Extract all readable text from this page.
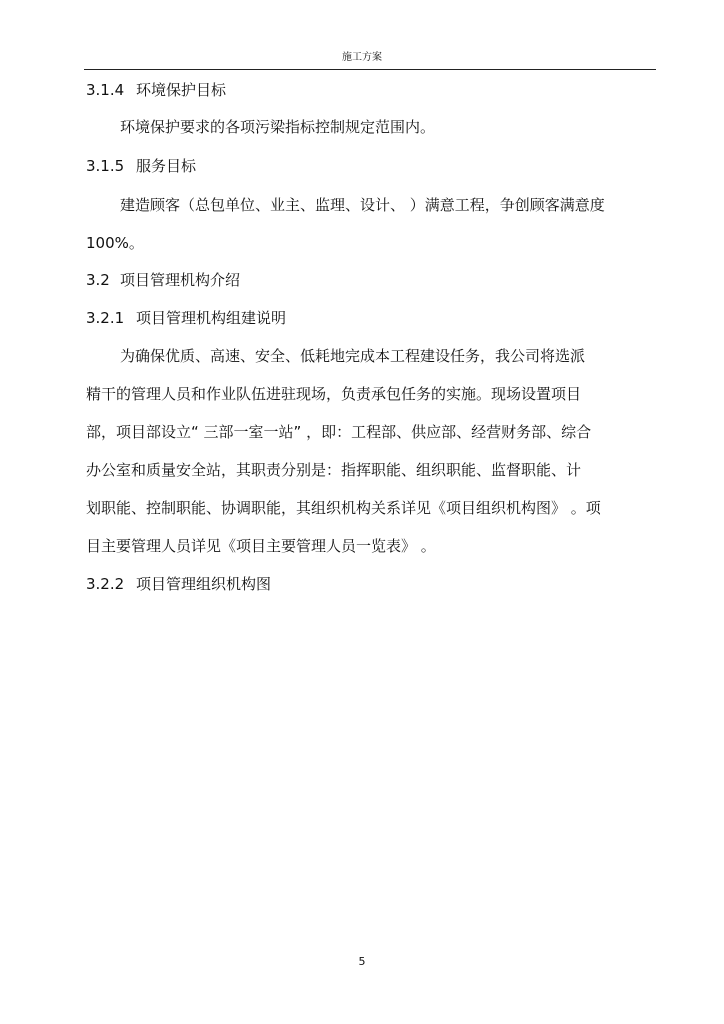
施工方案
3.1.4 环境保护目标
环境保护要求的各项污梁指标控制规定范围内。
3.1.5 服务目标
建造顾客（总包单位、业主、监理、设计、 ）满意工程，争创顾客满意度
100%。
3.2 项目管理机构介绍
3.2.1 项目管理机构组建说明
为确保优质、高速、安全、低耗地完成本工程建设任务，我公司将选派
精干的管理人员和作业队伍进驻现场，负责承包任务的实施。现场设置项目
部，项目部设立“ 三部一室一站” ，即：工程部、供应部、经营财务部、综合
办公室和质量安全站，其职责分别是：指挥职能、组织职能、监督职能、计
划职能、控制职能、协调职能，其组织机构关系详见《项目组织机构图》 。项
目主要管理人员详见《项目主要管理人员一览表》 。
3.2.2 项目管理组织机构图
5
